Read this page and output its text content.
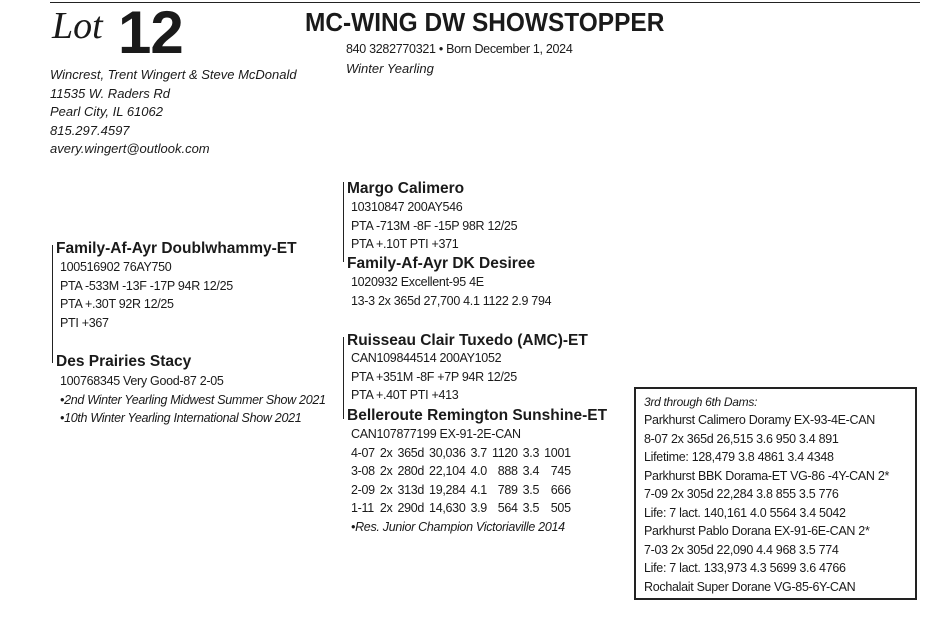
Lot 12	MC-WING DW SHOWSTOPPER
840 3282770321 • Born December 1, 2024
Winter Yearling
Wincrest, Trent Wingert & Steve McDonald
11535 W. Raders Rd
Pearl City, IL 61062
815.297.4597
avery.wingert@outlook.com
Family-Af-Ayr Doublwhammy-ET
100516902 76AY750
PTA -533M -13F -17P 94R 12/25
PTA +.30T 92R 12/25
PTI +367
Margo Calimero
10310847 200AY546
PTA -713M -8F -15P 98R 12/25
PTA +.10T PTI +371
Family-Af-Ayr DK Desiree
1020932 Excellent-95 4E
13-3 2x 365d 27,700 4.1 1122 2.9 794
Des Prairies Stacy
100768345 Very Good-87 2-05
•2nd Winter Yearling Midwest Summer Show 2021
•10th Winter Yearling International Show 2021
Ruisseau Clair Tuxedo (AMC)-ET
CAN109844514 200AY1052
PTA +351M -8F +7P 94R 12/25
PTA +.40T PTI +413
Belleroute Remington Sunshine-ET
CAN107877199 EX-91-2E-CAN
4-07	2x	365d	30,036	3.7	1120	3.3	1001
3-08	2x	280d	22,104	4.0	888	3.4	745
2-09	2x	313d	19,284	4.1	789	3.5	666
1-11	2x	290d	14,630	3.9	564	3.5	505
•Res. Junior Champion Victoriaville 2014
3rd through 6th Dams:
Parkhurst Calimero Doramy EX-93-4E-CAN
8-07 2x 365d 26,515 3.6 950 3.4 891
Lifetime: 128,479 3.8 4861 3.4 4348
Parkhurst BBK Dorama-ET VG-86 -4Y-CAN 2*
7-09 2x 305d 22,284 3.8 855 3.5 776
Life: 7 lact. 140,161 4.0 5564 3.4 5042
Parkhurst Pablo Dorana EX-91-6E-CAN 2*
7-03 2x 305d 22,090 4.4 968 3.5 774
Life: 7 lact. 133,973 4.3 5699 3.6 4766
Rochalait Super Dorane VG-85-6Y-CAN
